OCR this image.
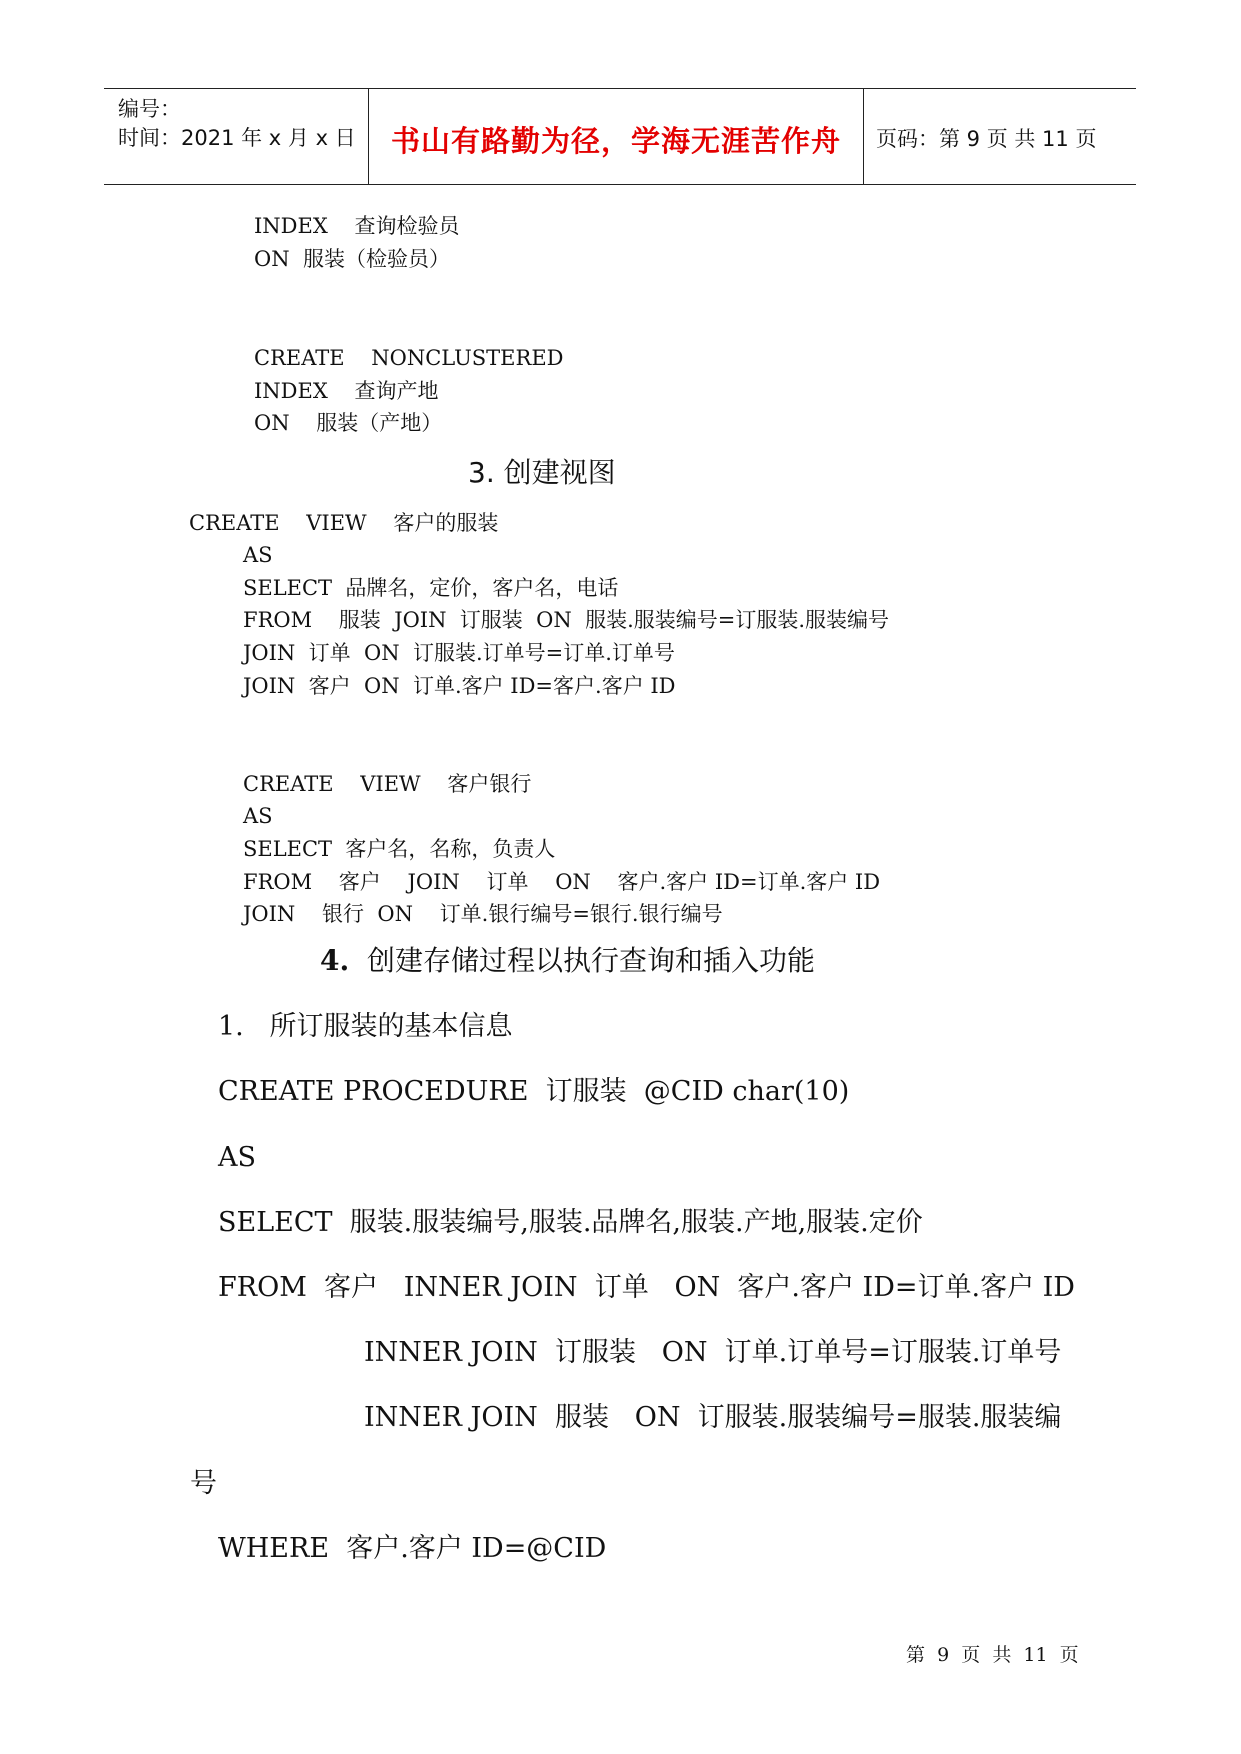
编号：
时间：2021 年 x 月 x 日	书山有路勤为径，学海无涯苦作舟	页码：第 9 页 共 11 页
INDEX    查询检验员
ON  服装（检验员）
CREATE    NONCLUSTERED
INDEX    查询产地
ON    服装（产地）
3. 创建视图
CREATE    VIEW    客户的服装
AS
SELECT  品牌名，定价，客户名，电话
FROM    服装  JOIN  订服装  ON  服装.服装编号=订服装.服装编号
JOIN  订单  ON  订服装.订单号=订单.订单号
JOIN  客户  ON  订单.客户 ID=客户.客户 ID
CREATE    VIEW    客户银行
AS
SELECT  客户名，名称，负责人
FROM    客户    JOIN    订单    ON    客户.客户 ID=订单.客户 ID
JOIN    银行  ON    订单.银行编号=银行.银行编号
4. 创建存储过程以执行查询和插入功能
1.   所订服装的基本信息
CREATE PROCEDURE  订服装  @CID char(10)
AS
SELECT  服装.服装编号,服装.品牌名,服装.产地,服装.定价
FROM  客户   INNER JOIN  订单   ON  客户.客户 ID=订单.客户 ID
INNER JOIN  订服装   ON  订单.订单号=订服装.订单号
INNER JOIN  服装   ON  订服装.服装编号=服装.服装编
号
WHERE  客户.客户 ID=@CID
第  9  页  共  11  页
